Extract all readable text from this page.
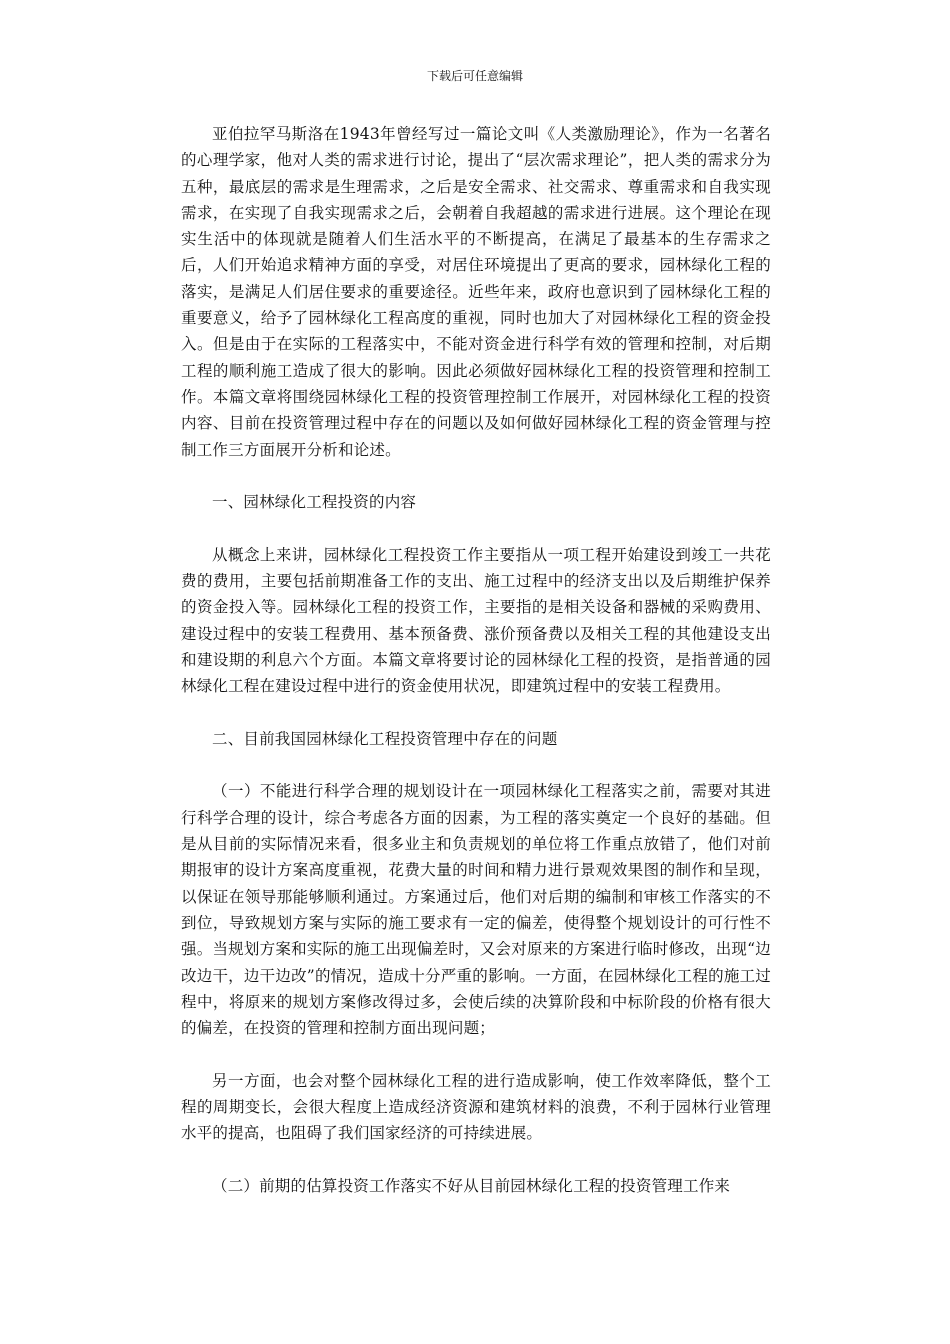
下载后可任意编辑

亚伯拉罕马斯洛在1943年曾经写过一篇论文叫《人类激励理论》，作为一名著名的心理学家，他对人类的需求进行讨论，提出了“层次需求理论”，把人类的需求分为五种，最底层的需求是生理需求，之后是安全需求、社交需求、尊重需求和自我实现需求，在实现了自我实现需求之后，会朝着自我超越的需求进行进展。这个理论在现实生活中的体现就是随着人们生活水平的不断提高，在满足了最基本的生存需求之后，人们开始追求精神方面的享受，对居住环境提出了更高的要求，园林绿化工程的落实，是满足人们居住要求的重要途径。近些年来，政府也意识到了园林绿化工程的重要意义，给予了园林绿化工程高度的重视，同时也加大了对园林绿化工程的资金投入。但是由于在实际的工程落实中，不能对资金进行科学有效的管理和控制，对后期工程的顺利施工造成了很大的影响。因此必须做好园林绿化工程的投资管理和控制工作。本篇文章将围绕园林绿化工程的投资管理控制工作展开，对园林绿化工程的投资内容、目前在投资管理过程中存在的问题以及如何做好园林绿化工程的资金管理与控制工作三方面展开分析和论述。

一、园林绿化工程投资的内容

从概念上来讲，园林绿化工程投资工作主要指从一项工程开始建设到竣工一共花费的费用，主要包括前期准备工作的支出、施工过程中的经济支出以及后期维护保养的资金投入等。园林绿化工程的投资工作，主要指的是相关设备和器械的采购费用、建设过程中的安装工程费用、基本预备费、涨价预备费以及相关工程的其他建设支出和建设期的利息六个方面。本篇文章将要讨论的园林绿化工程的投资，是指普通的园林绿化工程在建设过程中进行的资金使用状况，即建筑过程中的安装工程费用。

二、目前我国园林绿化工程投资管理中存在的问题

（一）不能进行科学合理的规划设计在一项园林绿化工程落实之前，需要对其进行科学合理的设计，综合考虑各方面的因素，为工程的落实奠定一个良好的基础。但是从目前的实际情况来看，很多业主和负责规划的单位将工作重点放错了，他们对前期报审的设计方案高度重视，花费大量的时间和精力进行景观效果图的制作和呈现，以保证在领导那能够顺利通过。方案通过后，他们对后期的编制和审核工作落实的不到位，导致规划方案与实际的施工要求有一定的偏差，使得整个规划设计的可行性不强。当规划方案和实际的施工出现偏差时，又会对原来的方案进行临时修改，出现“边改边干，边干边改”的情况，造成十分严重的影响。一方面，在园林绿化工程的施工过程中，将原来的规划方案修改得过多，会使后续的决算阶段和中标阶段的价格有很大的偏差，在投资的管理和控制方面出现问题；

另一方面，也会对整个园林绿化工程的进行造成影响，使工作效率降低，整个工程的周期变长，会很大程度上造成经济资源和建筑材料的浪费，不利于园林行业管理水平的提高，也阻碍了我们国家经济的可持续进展。

（二）前期的估算投资工作落实不好从目前园林绿化工程的投资管理工作来
